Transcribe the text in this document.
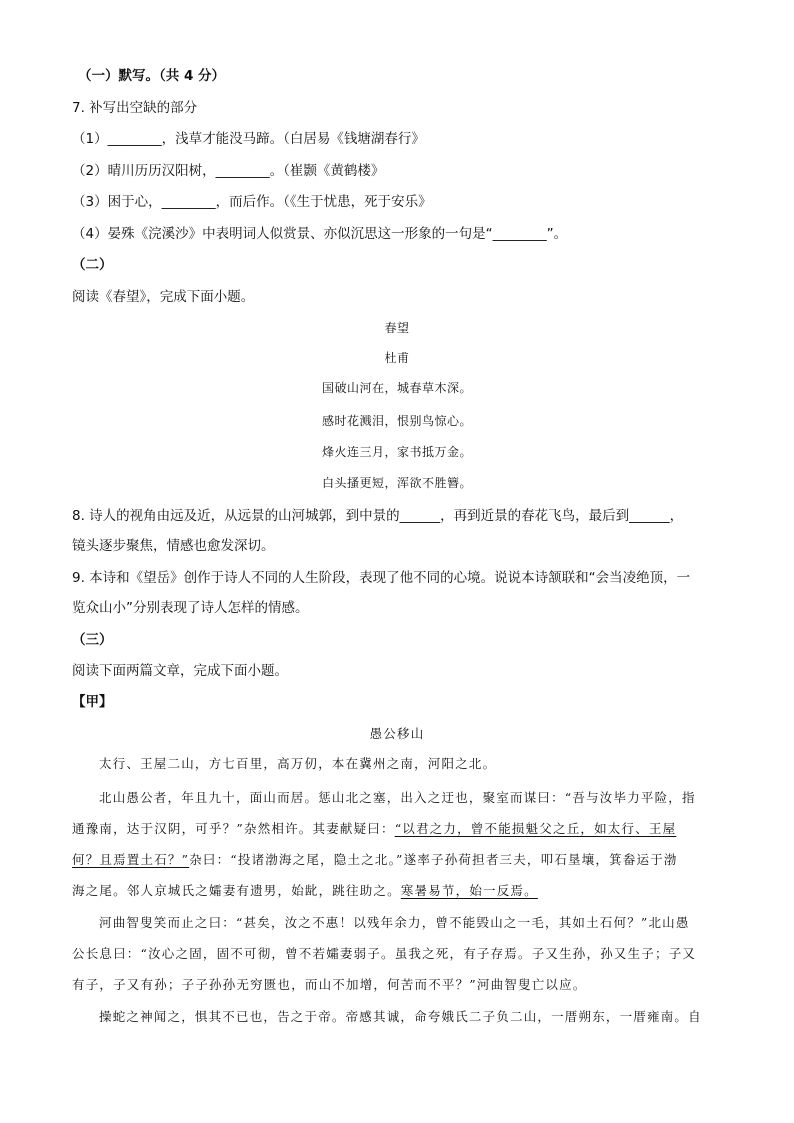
（一）默写。（共 4 分）
7. 补写出空缺的部分
（1）________，浅草才能没马蹄。（白居易《钱塘湖春行》
（2）晴川历历汉阳树，________。（崔颢《黄鹤楼》
（3）困于心，________，而后作。（《生于忧患，死于安乐》
（4）晏殊《浣溪沙》中表明词人似赏景、亦似沉思这一形象的一句是“________”。
（二）
阅读《春望》，完成下面小题。
春望
杜甫
国破山河在，城春草木深。
感时花溅泪，恨别鸟惊心。
烽火连三月，家书抵万金。
白头搔更短，浑欲不胜簪。
8. 诗人的视角由远及近，从远景的山河城郭，到中景的______，再到近景的春花飞鸟，最后到______，
镜头逐步聚焦，情感也愈发深切。
9. 本诗和《望岳》创作于诗人不同的人生阶段，表现了他不同的心境。说说本诗颔联和“会当凌绝顶，一
览众山小”分别表现了诗人怎样的情感。
（三）
阅读下面两篇文章，完成下面小题。
【甲】
愚公移山
太行、王屋二山，方七百里，高万仞，本在冀州之南，河阳之北。
北山愚公者，年且九十，面山而居。惩山北之塞，出入之迂也，聚室而谋曰：“吾与汝毕力平险，指
通豫南，达于汉阴，可乎？”杂然相许。其妻献疑曰：“以君之力，曾不能损魁父之丘，如太行、王屋
何？且焉置土石？”杂曰：“投诸渤海之尾，隐土之北。”遂率子孙荷担者三夫，叩石垦壤，箕畚运于渤
海之尾。邻人京城氏之孀妻有遗男，始龀，跳往助之。寒暑易节，始一反焉。
河曲智叟笑而止之曰：“甚矣，汝之不惠！以残年余力，曾不能毁山之一毛，其如土石何？”北山愚
公长息曰：“汝心之固，固不可彻，曾不若孀妻弱子。虽我之死，有子存焉。子又生孙，孙又生子；子又
有子，子又有孙；子子孙孙无穷匮也，而山不加增，何苦而不平？”河曲智叟亡以应。
操蛇之神闻之，惧其不已也，告之于帝。帝感其诚，命夸娥氏二子负二山，一厝朔东，一厝雍南。自
